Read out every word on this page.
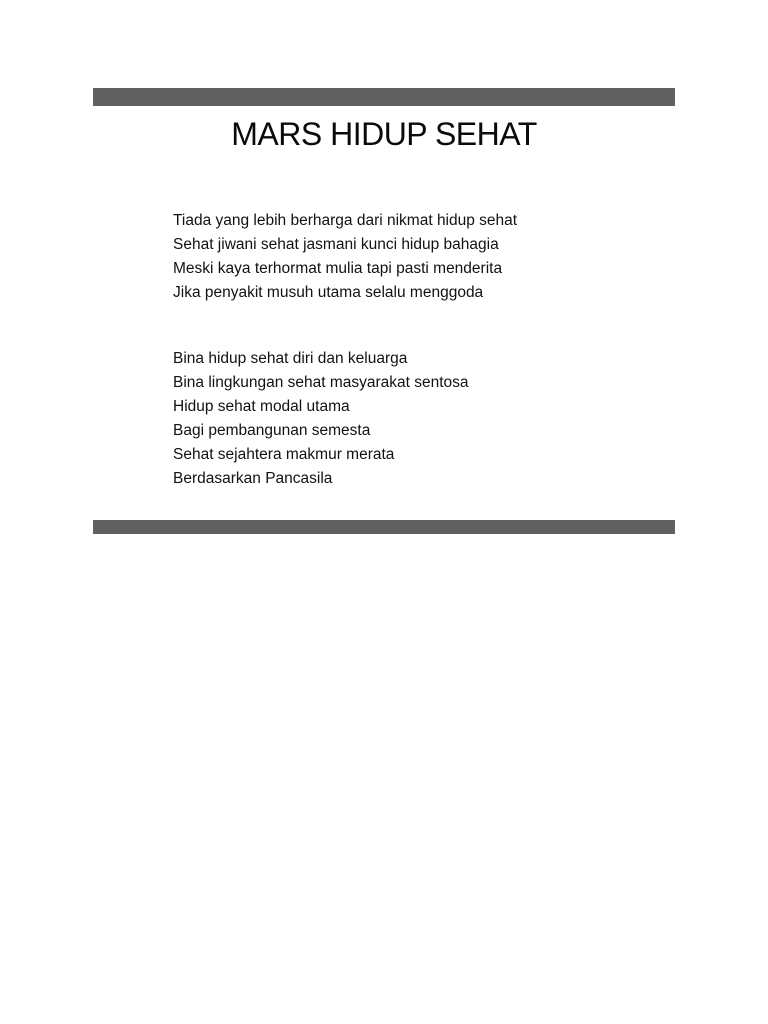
MARS HIDUP SEHAT
Tiada yang lebih berharga dari nikmat hidup sehat
Sehat jiwani sehat jasmani kunci hidup bahagia
Meski kaya terhormat mulia tapi pasti menderita
Jika penyakit musuh utama selalu menggoda
Bina hidup sehat diri dan keluarga
Bina lingkungan sehat masyarakat sentosa
Hidup sehat modal utama
Bagi pembangunan semesta
Sehat sejahtera makmur merata
Berdasarkan Pancasila
